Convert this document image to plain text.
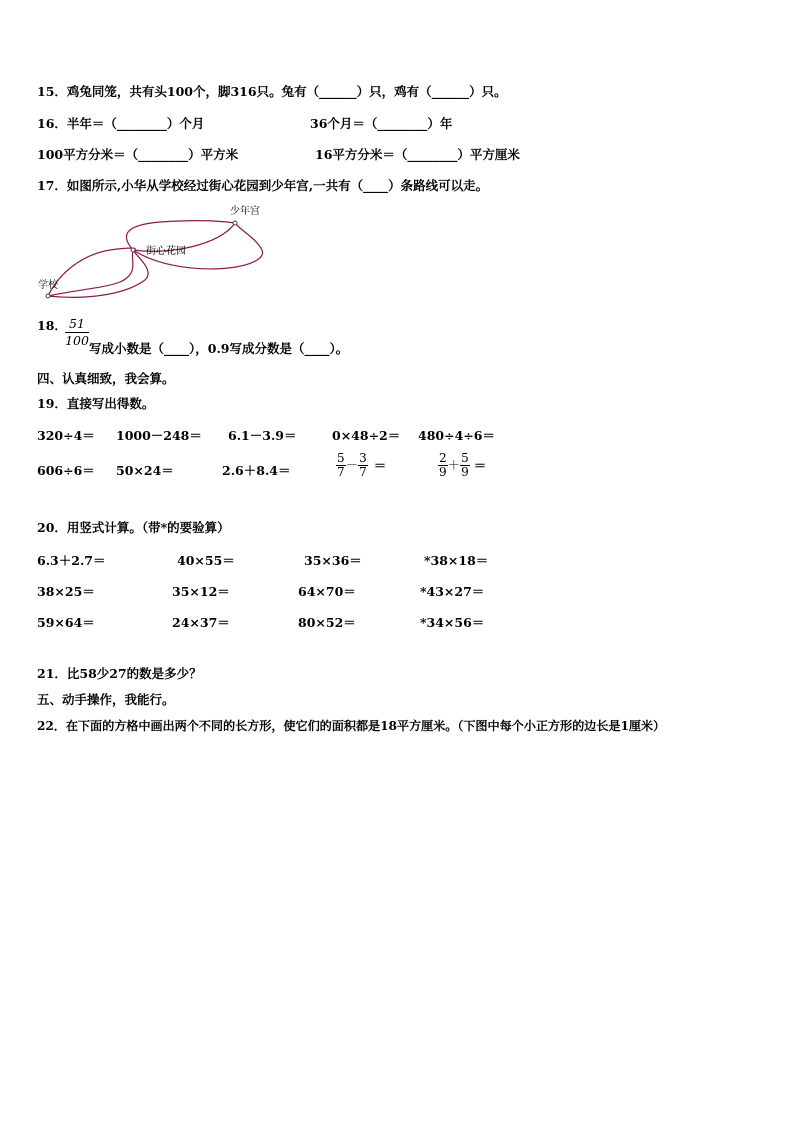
15．鸡兔同笼，共有头100个，脚316只。兔有（______）只，鸡有（______）只。
16．半年＝（________）个月	36个月＝（________）年
100平方分米＝（________）平方米	16平方分米＝（________）平方厘米
17．如图所示,小华从学校经过街心花园到少年宫,一共有（____）条路线可以走。
学校
街心花园
少年宫
18．
$\frac{51}{100}$ 写成小数是（____），0.9写成分数是（____）。
四、认真细致，我会算。
19．直接写出得数。
320÷4＝ 1000－248＝ 6.1－3.9＝	0×48÷2＝ 480÷4÷6＝
606÷6＝ 50×24＝	2.6＋8.4＝	$\frac{5}{7} - \frac{3}{7}$ ＝	$\frac{2}{9} + \frac{5}{9}$ ＝
20．用竖式计算。（带*的要验算）
6.3＋2.7＝	40×55＝	35×36＝	*38×18＝
38×25＝	35×12＝	64×70＝	*43×27＝
59×64＝	24×37＝	80×52＝	*34×56＝
21．比58少27的数是多少？
五、动手操作，我能行。
22．在下面的方格中画出两个不同的长方形，使它们的面积都是18平方厘米。（下图中每个小正方形的边长是1厘米）
